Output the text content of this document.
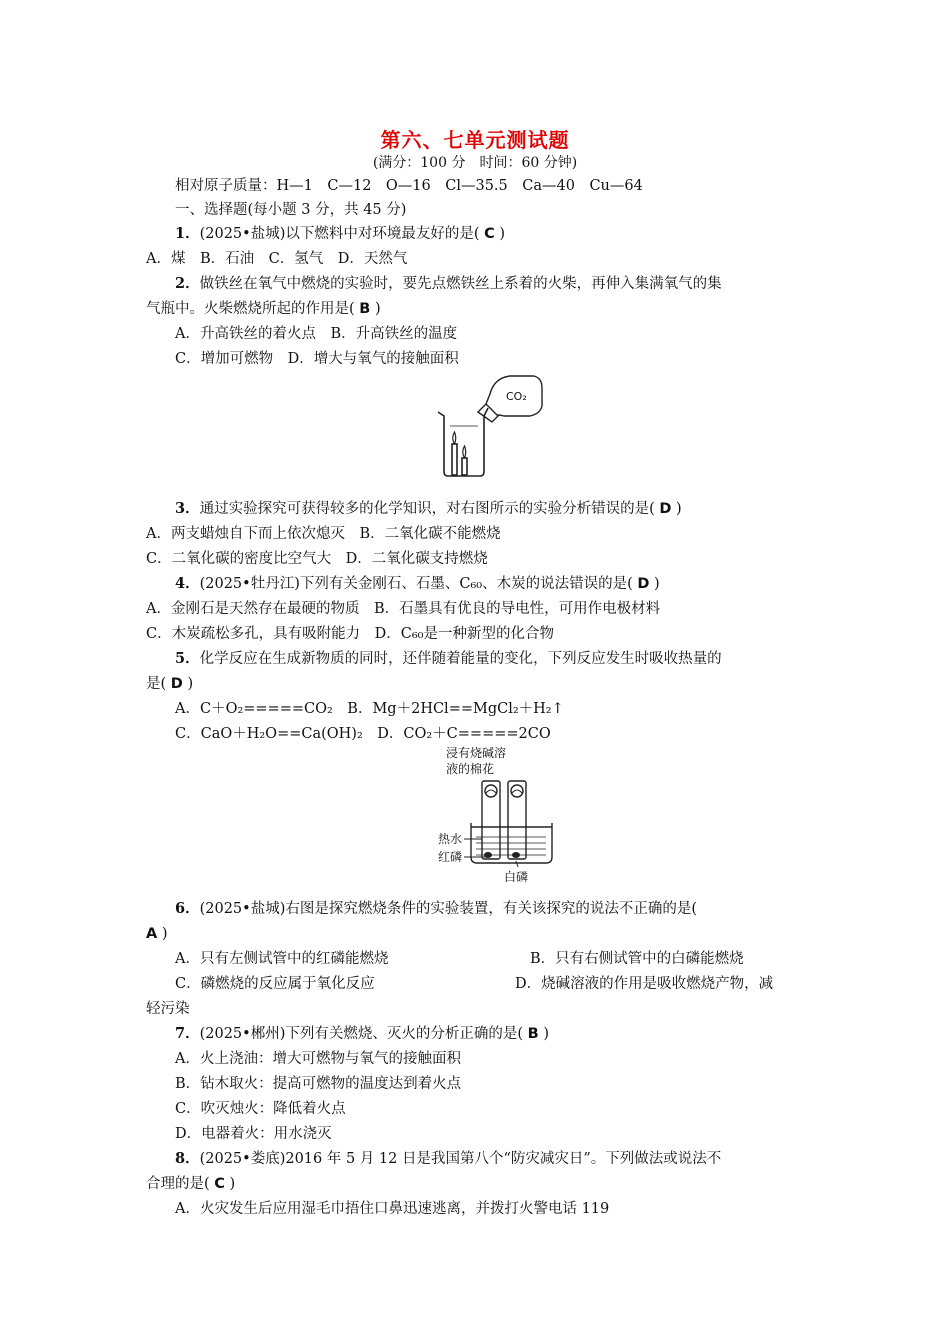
第六、七单元测试题
(满分：100 分　时间：60 分钟)
相对原子质量：H—1　C—12　O—16　Cl—35.5　Ca—40　Cu—64
一、选择题(每小题 3 分，共 45 分)
1．(2025•盐城)以下燃料中对环境最友好的是( C )
A．煤　B．石油　C．氢气　D．天然气
2．做铁丝在氧气中燃烧的实验时，要先点燃铁丝上系着的火柴，再伸入集满氧气的集
气瓶中。火柴燃烧所起的作用是( B )
A．升高铁丝的着火点　B．升高铁丝的温度
C．增加可燃物　D．增大与氧气的接触面积
CO₂
3．通过实验探究可获得较多的化学知识，对右图所示的实验分析错误的是( D )
A．两支蜡烛自下而上依次熄灭　B．二氧化碳不能燃烧
C．二氧化碳的密度比空气大　D．二氧化碳支持燃烧
4．(2025•牡丹江)下列有关金刚石、石墨、C₆₀、木炭的说法错误的是( D )
A．金刚石是天然存在最硬的物质　B．石墨具有优良的导电性，可用作电极材料
C．木炭疏松多孔，具有吸附能力　D．C₆₀是一种新型的化合物
5．化学反应在生成新物质的同时，还伴随着能量的变化，下列反应发生时吸收热量的
是( D )
A．C＋O₂=====CO₂　B．Mg＋2HCl==MgCl₂＋H₂↑
C．CaO＋H₂O==Ca(OH)₂　D．CO₂＋C=====2CO
浸有烧碱溶
液的棉花
热水
红磷
白磷
6．(2025•盐城)右图是探究燃烧条件的实验装置，有关该探究的说法不正确的是(
A )
A．只有左侧试管中的红磷能燃烧	B．只有右侧试管中的白磷能燃烧
C．磷燃烧的反应属于氧化反应	D．烧碱溶液的作用是吸收燃烧产物，减
轻污染
7．(2025•郴州)下列有关燃烧、灭火的分析正确的是( B )
A．火上浇油：增大可燃物与氧气的接触面积
B．钻木取火：提高可燃物的温度达到着火点
C．吹灭烛火：降低着火点
D．电器着火：用水浇灭
8．(2025•娄底)2016 年 5 月 12 日是我国第八个“防灾减灾日”。下列做法或说法不
合理的是( C )
A．火灾发生后应用湿毛巾捂住口鼻迅速逃离，并拨打火警电话 119
